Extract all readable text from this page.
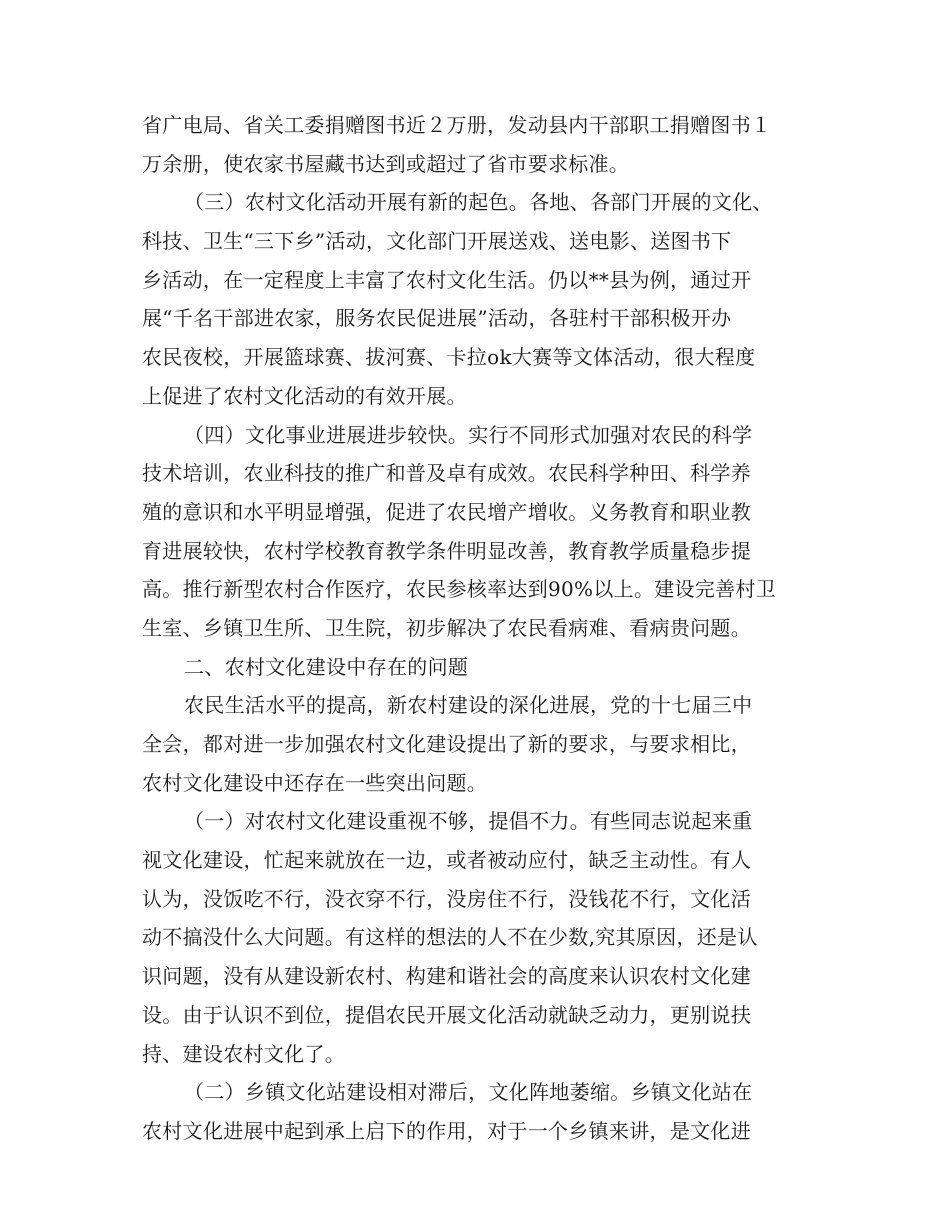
省广电局、省关工委捐赠图书近２万册，发动县内干部职工捐赠图书１
万余册，使农家书屋藏书达到或超过了省市要求标准。
（三）农村文化活动开展有新的起色。各地、各部门开展的文化、
科技、卫生“三下乡”活动，文化部门开展送戏、送电影、送图书下
乡活动，在一定程度上丰富了农村文化生活。仍以**县为例，通过开
展“千名干部进农家，服务农民促进展”活动，各驻村干部积极开办
农民夜校，开展篮球赛、拔河赛、卡拉ok大赛等文体活动，很大程度
上促进了农村文化活动的有效开展。
（四）文化事业进展进步较快。实行不同形式加强对农民的科学
技术培训，农业科技的推广和普及卓有成效。农民科学种田、科学养
殖的意识和水平明显增强，促进了农民增产增收。义务教育和职业教
育进展较快，农村学校教育教学条件明显改善，教育教学质量稳步提
高。推行新型农村合作医疗，农民参核率达到90%以上。建设完善村卫
生室、乡镇卫生所、卫生院，初步解决了农民看病难、看病贵问题。
二、农村文化建设中存在的问题
农民生活水平的提高，新农村建设的深化进展，党的十七届三中
全会，都对进一步加强农村文化建设提出了新的要求，与要求相比，
农村文化建设中还存在一些突出问题。
（一）对农村文化建设重视不够，提倡不力。有些同志说起来重
视文化建设，忙起来就放在一边，或者被动应付，缺乏主动性。有人
认为，没饭吃不行，没衣穿不行，没房住不行，没钱花不行，文化活
动不搞没什么大问题。有这样的想法的人不在少数,究其原因，还是认
识问题，没有从建设新农村、构建和谐社会的高度来认识农村文化建
设。由于认识不到位，提倡农民开展文化活动就缺乏动力，更别说扶
持、建设农村文化了。
（二）乡镇文化站建设相对滞后，文化阵地萎缩。乡镇文化站在
农村文化进展中起到承上启下的作用，对于一个乡镇来讲，是文化进
